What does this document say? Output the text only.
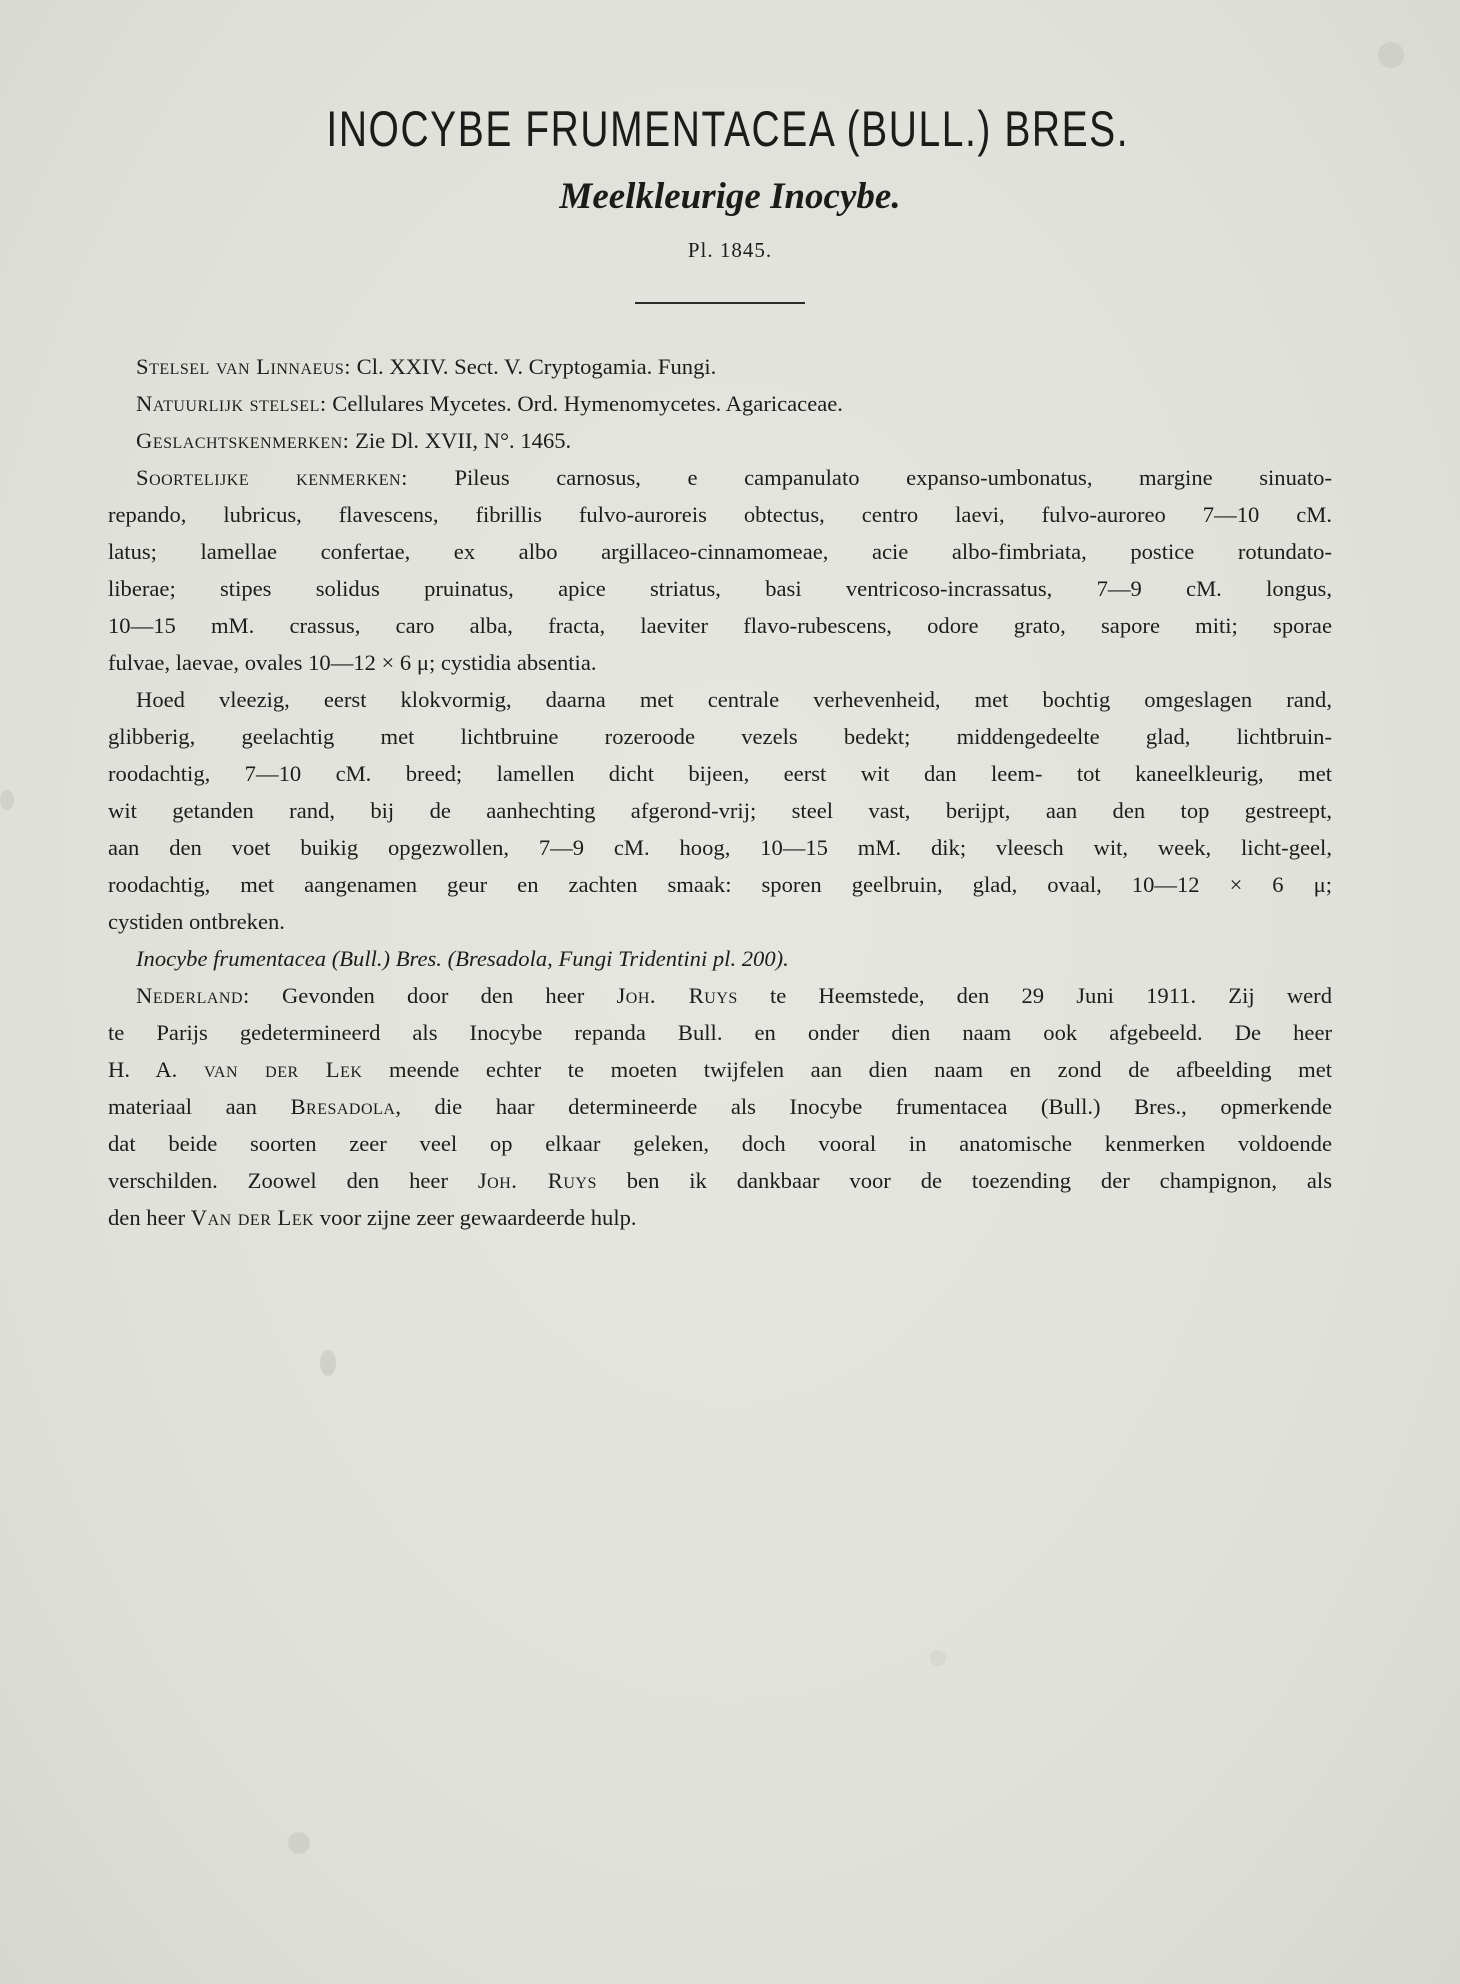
INOCYBE FRUMENTACEA (BULL.) BRES.
Meelkleurige Inocybe.
Pl. 1845.
Stelsel van Linnaeus: Cl. XXIV. Sect. V. Cryptogamia. Fungi.
Natuurlijk stelsel: Cellulares Mycetes. Ord. Hymenomycetes. Agaricaceae.
Geslachtskenmerken: Zie Dl. XVII, N°. 1465.
Soortelijke kenmerken: Pileus carnosus, e campanulato expanso-umbonatus, margine sinuato-
repando, lubricus, flavescens, fibrillis fulvo-auroreis obtectus, centro laevi, fulvo-auroreo 7—10 cM.
latus; lamellae confertae, ex albo argillaceo-cinnamomeae, acie albo-fimbriata, postice rotundato-
liberae; stipes solidus pruinatus, apice striatus, basi ventricoso-incrassatus, 7—9 cM. longus,
10—15 mM. crassus, caro alba, fracta, laeviter flavo-rubescens, odore grato, sapore miti; sporae
fulvae, laevae, ovales 10—12 × 6 μ; cystidia absentia.
Hoed vleezig, eerst klokvormig, daarna met centrale verhevenheid, met bochtig omgeslagen rand,
glibberig, geelachtig met lichtbruine rozeroode vezels bedekt; middengedeelte glad, lichtbruin-
roodachtig, 7—10 cM. breed; lamellen dicht bijeen, eerst wit dan leem- tot kaneelkleurig, met
wit getanden rand, bij de aanhechting afgerond-vrij; steel vast, berijpt, aan den top gestreept,
aan den voet buikig opgezwollen, 7—9 cM. hoog, 10—15 mM. dik; vleesch wit, week, licht-geel,
roodachtig, met aangenamen geur en zachten smaak: sporen geelbruin, glad, ovaal, 10—12 × 6 μ;
cystiden ontbreken.
Inocybe frumentacea (Bull.) Bres. (Bresadola, Fungi Tridentini pl. 200).
Nederland: Gevonden door den heer Joh. Ruys te Heemstede, den 29 Juni 1911. Zij werd
te Parijs gedetermineerd als Inocybe repanda Bull. en onder dien naam ook afgebeeld. De heer
H. A. van der Lek meende echter te moeten twijfelen aan dien naam en zond de afbeelding met
materiaal aan Bresadola, die haar determineerde als Inocybe frumentacea (Bull.) Bres., opmerkende
dat beide soorten zeer veel op elkaar geleken, doch vooral in anatomische kenmerken voldoende
verschilden. Zoowel den heer Joh. Ruys ben ik dankbaar voor de toezending der champignon, als
den heer Van der Lek voor zijne zeer gewaardeerde hulp.
